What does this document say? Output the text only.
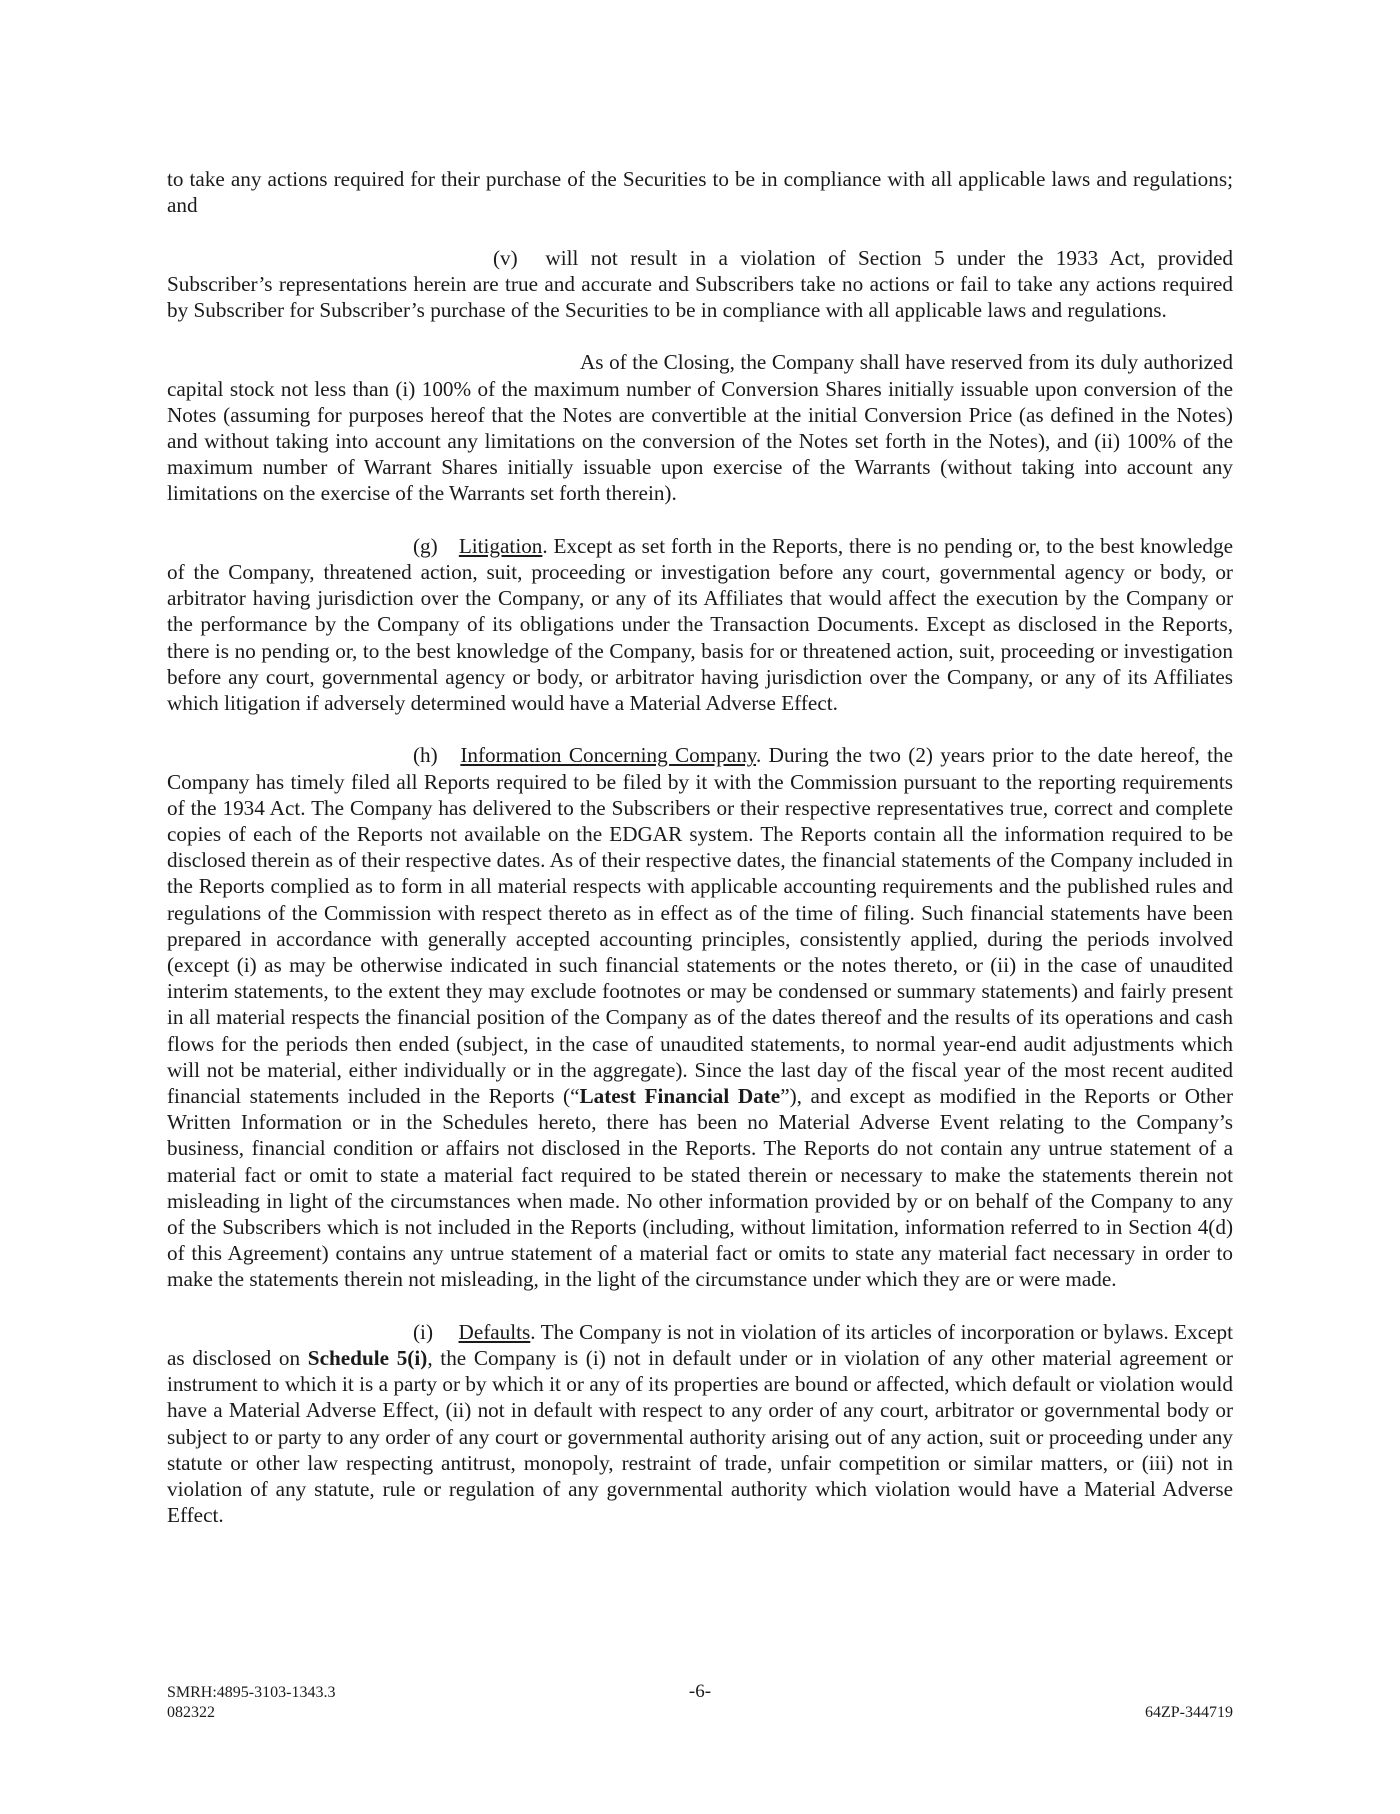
to take any actions required for their purchase of the Securities to be in compliance with all applicable laws and regulations; and

(v) will not result in a violation of Section 5 under the 1933 Act, provided Subscriber’s representations herein are true and accurate and Subscribers take no actions or fail to take any actions required by Subscriber for Subscriber’s purchase of the Securities to be in compliance with all applicable laws and regulations.

As of the Closing, the Company shall have reserved from its duly authorized capital stock not less than (i) 100% of the maximum number of Conversion Shares initially issuable upon conversion of the Notes (assuming for purposes hereof that the Notes are convertible at the initial Conversion Price (as defined in the Notes) and without taking into account any limitations on the conversion of the Notes set forth in the Notes), and (ii) 100% of the maximum number of Warrant Shares initially issuable upon exercise of the Warrants (without taking into account any limitations on the exercise of the Warrants set forth therein).

(g) Litigation. Except as set forth in the Reports, there is no pending or, to the best knowledge of the Company, threatened action, suit, proceeding or investigation before any court, governmental agency or body, or arbitrator having jurisdiction over the Company, or any of its Affiliates that would affect the execution by the Company or the performance by the Company of its obligations under the Transaction Documents. Except as disclosed in the Reports, there is no pending or, to the best knowledge of the Company, basis for or threatened action, suit, proceeding or investigation before any court, governmental agency or body, or arbitrator having jurisdiction over the Company, or any of its Affiliates which litigation if adversely determined would have a Material Adverse Effect.

(h) Information Concerning Company. During the two (2) years prior to the date hereof, the Company has timely filed all Reports required to be filed by it with the Commission pursuant to the reporting requirements of the 1934 Act. The Company has delivered to the Subscribers or their respective representatives true, correct and complete copies of each of the Reports not available on the EDGAR system. The Reports contain all the information required to be disclosed therein as of their respective dates. As of their respective dates, the financial statements of the Company included in the Reports complied as to form in all material respects with applicable accounting requirements and the published rules and regulations of the Commission with respect thereto as in effect as of the time of filing. Such financial statements have been prepared in accordance with generally accepted accounting principles, consistently applied, during the periods involved (except (i) as may be otherwise indicated in such financial statements or the notes thereto, or (ii) in the case of unaudited interim statements, to the extent they may exclude footnotes or may be condensed or summary statements) and fairly present in all material respects the financial position of the Company as of the dates thereof and the results of its operations and cash flows for the periods then ended (subject, in the case of unaudited statements, to normal year-end audit adjustments which will not be material, either individually or in the aggregate). Since the last day of the fiscal year of the most recent audited financial statements included in the Reports (“Latest Financial Date”), and except as modified in the Reports or Other Written Information or in the Schedules hereto, there has been no Material Adverse Event relating to the Company’s business, financial condition or affairs not disclosed in the Reports. The Reports do not contain any untrue statement of a material fact or omit to state a material fact required to be stated therein or necessary to make the statements therein not misleading in light of the circumstances when made. No other information provided by or on behalf of the Company to any of the Subscribers which is not included in the Reports (including, without limitation, information referred to in Section 4(d) of this Agreement) contains any untrue statement of a material fact or omits to state any material fact necessary in order to make the statements therein not misleading, in the light of the circumstance under which they are or were made.

(i) Defaults. The Company is not in violation of its articles of incorporation or bylaws. Except as disclosed on Schedule 5(i), the Company is (i) not in default under or in violation of any other material agreement or instrument to which it is a party or by which it or any of its properties are bound or affected, which default or violation would have a Material Adverse Effect, (ii) not in default with respect to any order of any court, arbitrator or governmental body or subject to or party to any order of any court or governmental authority arising out of any action, suit or proceeding under any statute or other law respecting antitrust, monopoly, restraint of trade, unfair competition or similar matters, or (iii) not in violation of any statute, rule or regulation of any governmental authority which violation would have a Material Adverse Effect.

SMRH:4895-3103-1343.3
082322
-6-
64ZP-344719
